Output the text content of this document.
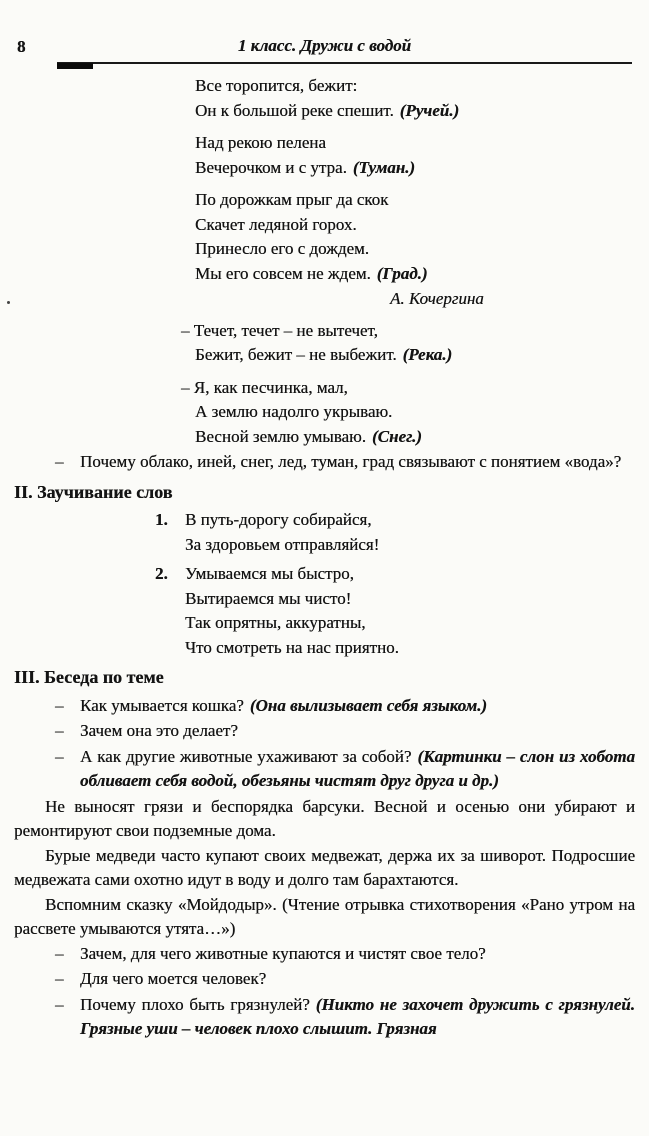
8	1 класс. Дружи с водой
Все торопится, бежит:
Он к большой реке спешит. (Ручей.)
Над рекою пелена
Вечерочком и с утра. (Туман.)
По дорожкам прыг да скок
Скачет ледяной горох.
Принесло его с дождем.
Мы его совсем не ждем. (Град.)
А. Кочергина
– Течет, течет – не вытечет,
Бежит, бежит – не выбежит. (Река.)
– Я, как песчинка, мал,
А землю надолго укрываю.
Весной землю умываю. (Снег.)
– Почему облако, иней, снег, лед, туман, град связывают с понятием «вода»?
II. Заучивание слов
1.	В путь-дорогу собирайся,
За здоровьем отправляйся!
2.	Умываемся мы быстро,
Вытираемся мы чисто!
Так опрятны, аккуратны,
Что смотреть на нас приятно.
III. Беседа по теме
– Как умывается кошка? (Она вылизывает себя языком.)
– Зачем она это делает?
– А как другие животные ухаживают за собой? (Картинки – слон из хобота обливает себя водой, обезьяны чистят друг друга и др.)

Не выносят грязи и беспорядка барсуки. Весной и осенью они убирают и ремонтируют свои подземные дома.

Бурые медведи часто купают своих медвежат, держа их за шиворот. Подросшие медвежата сами охотно идут в воду и долго там барахтаются.

Вспомним сказку «Мойдодыр». (Чтение отрывка стихотворения «Рано утром на рассвете умываются утята…»)

– Зачем, для чего животные купаются и чистят свое тело?
– Для чего моется человек?
– Почему плохо быть грязнулей? (Никто не захочет дружить с грязнулей. Грязные уши – человек плохо слышит. Грязная
